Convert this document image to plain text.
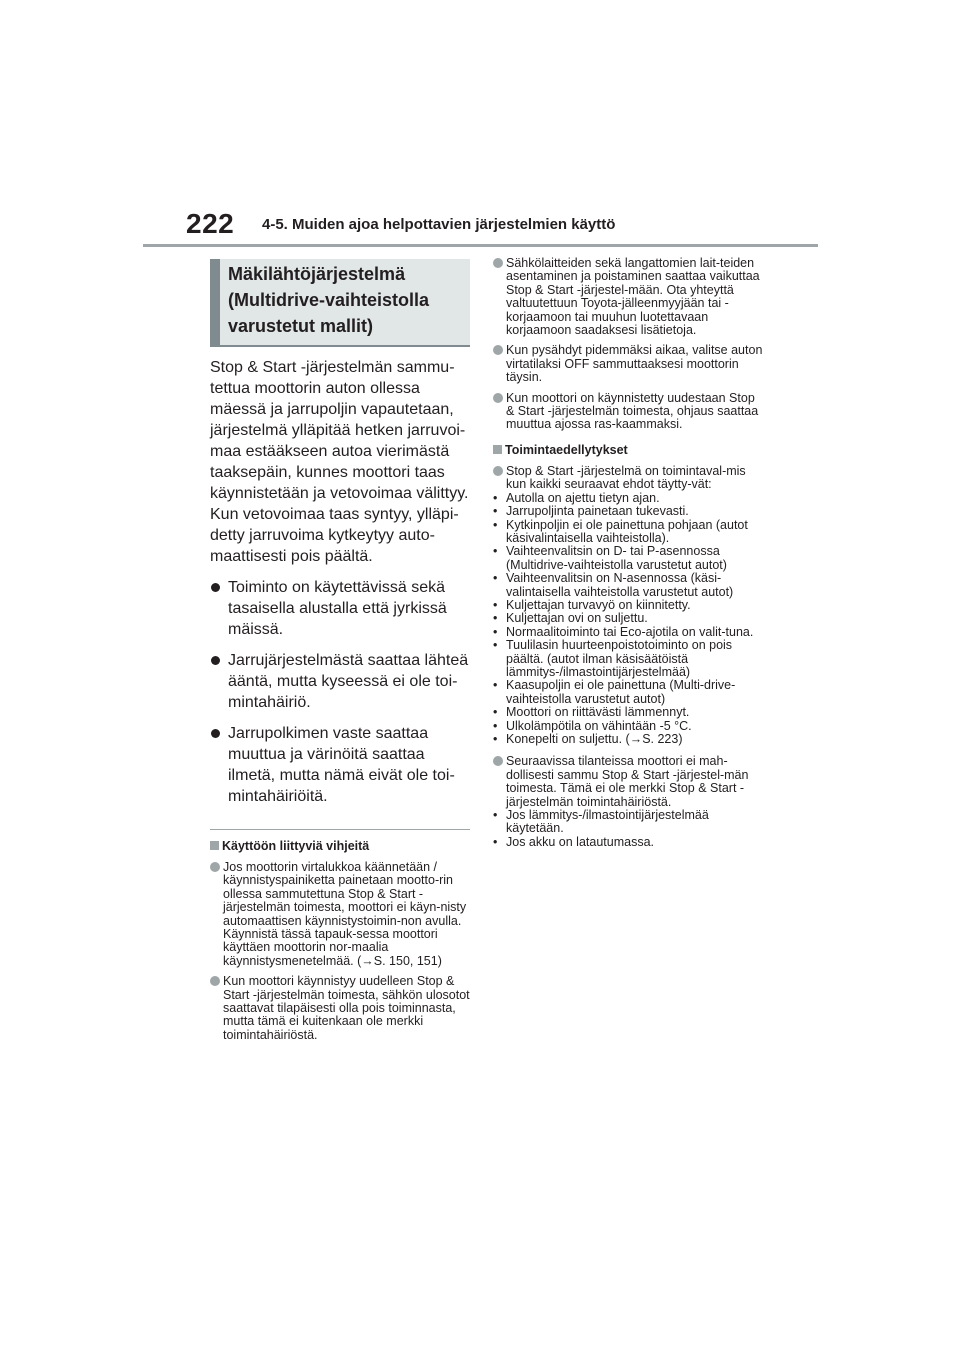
222 4-5. Muiden ajoa helpottavien järjestelmien käyttö
Mäkilähtöjärjestelmä
(Multidrive-vaihteistolla
varustetut mallit)

Stop & Start -järjestelmän sammu-tettua moottorin auton ollessa mäessä ja jarrupoljin vapautetaan, järjestelmä ylläpitää hetken jarruvoi-maa estääkseen autoa vierimästä taaksepäin, kunnes moottori taas käynnistetään ja vetovoimaa välittyy. Kun vetovoimaa taas syntyy, ylläpi-detty jarruvoima kytkeytyy auto-maattisesti pois päältä.

Toiminto on käytettävissä sekä tasaisella alustalla että jyrkissä mäissä.
Jarrujärjestelmästä saattaa lähteä ääntä, mutta kyseessä ei ole toi-mintahäiriö.
Jarrupolkimen vaste saattaa muuttua ja värinöitä saattaa ilmetä, mutta nämä eivät ole toi-mintahäiriöitä.
Käyttöön liittyviä vihjeitä
Jos moottorin virtalukkoa käännetään / käynnistyspainiketta painetaan mootto-rin ollessa sammutettuna Stop & Start -järjestelmän toimesta, moottori ei käyn-nisty automaattisen käynnistystoimin-non avulla. Käynnistä tässä tapauk-sessa moottori käyttäen moottorin nor-maalia käynnistysmenetelmää. (→S. 150, 151)
Kun moottori käynnistyy uudelleen Stop & Start -järjestelmän toimesta, sähkön ulosotot saattavat tilapäisesti olla pois toiminnasta, mutta tämä ei kuitenkaan ole merkki toimintahäiriöstä.
Sähkölaitteiden sekä langattomien lait-teiden asentaminen ja poistaminen saattaa vaikuttaa Stop & Start -järjestel-mään. Ota yhteyttä valtuutettuun Toyota-jälleenmyyjään tai -korjaamoon tai muuhun luotettavaan korjaamoon saadaksesi lisätietoja.
Kun pysähdyt pidemmäksi aikaa, valitse auton virtatilaksi OFF sammuttaaksesi moottorin täysin.
Kun moottori on käynnistetty uudestaan Stop & Start -järjestelmän toimesta, ohjaus saattaa muuttua ajossa ras-kaammaksi.
Toimintaedellytykset
Stop & Start -järjestelmä on toimintaval-mis kun kaikki seuraavat ehdot täytty-vät:
• Autolla on ajettu tietyn ajan.
• Jarrupoljinta painetaan tukevasti.
• Kytkinpoljin ei ole painettuna pohjaan (autot käsivalintaisella vaihteistolla).
• Vaihteenvalitsin on D- tai P-asennossa (Multidrive-vaihteistolla varustetut autot)
• Vaihteenvalitsin on N-asennossa (käsi-valintaisella vaihteistolla varustetut autot)
• Kuljettajan turvavyö on kiinnitetty.
• Kuljettajan ovi on suljettu.
• Normaalitoiminto tai Eco-ajotila on valit-tuna.
• Tuulilasin huurteenpoistotoiminto on pois päältä. (autot ilman käsisäätöistä lämmitys-/ilmastointijärjestelmää)
• Kaasupoljin ei ole painettuna (Multi-drive-vaihteistolla varustetut autot)
• Moottori on riittävästi lämmennyt.
• Ulkolämpötila on vähintään -5 °C.
• Konepelti on suljettu. (→S. 223)
Seuraavissa tilanteissa moottori ei mah-dollisesti sammu Stop & Start -järjestel-män toimesta. Tämä ei ole merkki Stop & Start -järjestelmän toimintahäiriöstä.
• Jos lämmitys-/ilmastointijärjestelmää käytetään.
• Jos akku on latautumassa.
